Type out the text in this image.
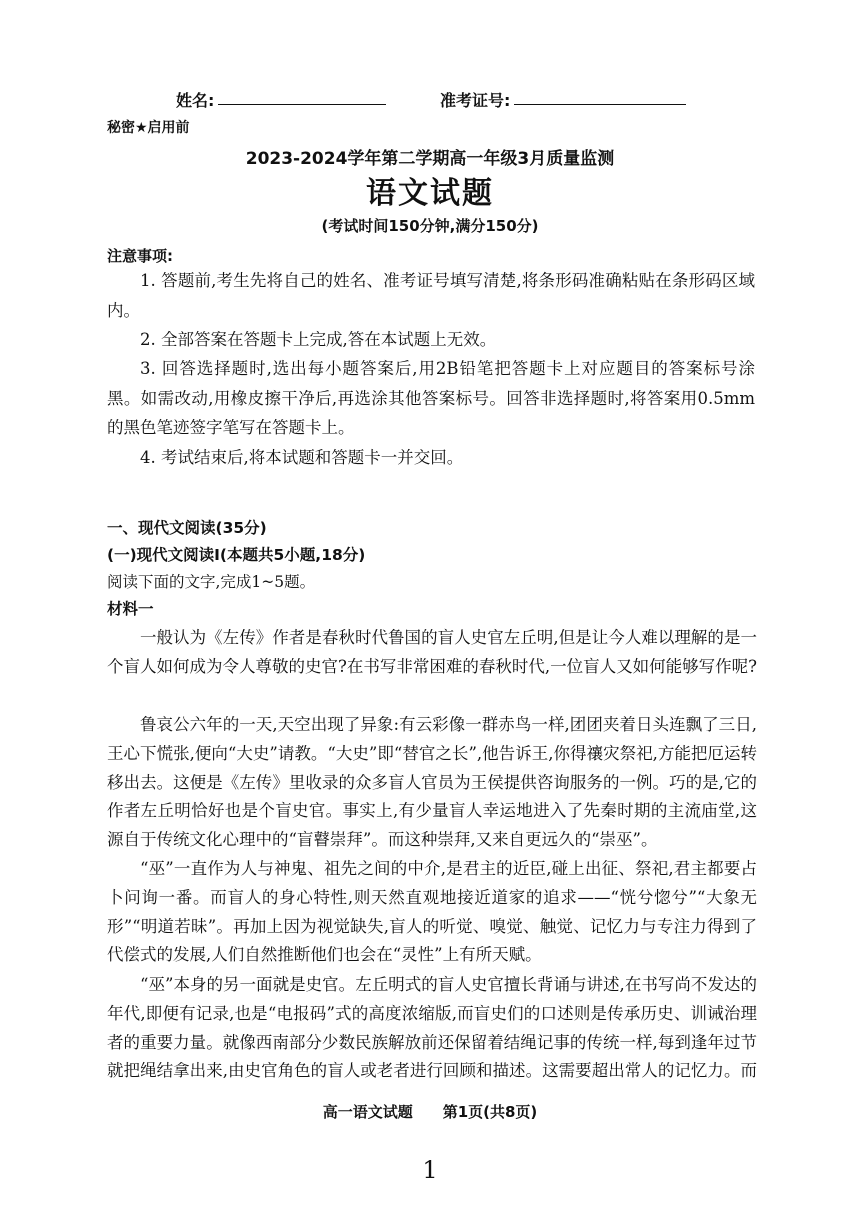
姓名:	准考证号:
秘密★启用前
2023-2024学年第二学期高一年级3月质量监测
语文试题
(考试时间150分钟,满分150分)
注意事项:
1. 答题前,考生先将自己的姓名、准考证号填写清楚,将条形码准确粘贴在条形码区域内。
2. 全部答案在答题卡上完成,答在本试题上无效。
3. 回答选择题时,选出每小题答案后,用2B铅笔把答题卡上对应题目的答案标号涂黑。如需改动,用橡皮擦干净后,再选涂其他答案标号。回答非选择题时,将答案用0.5mm的黑色笔迹签字笔写在答题卡上。
4. 考试结束后,将本试题和答题卡一并交回。
一、现代文阅读(35分)
(一)现代文阅读Ⅰ(本题共5小题,18分)
阅读下面的文字,完成1~5题。
材料一
一般认为《左传》作者是春秋时代鲁国的盲人史官左丘明,但是让今人难以理解的是一个盲人如何成为令人尊敬的史官?在书写非常困难的春秋时代,一位盲人又如何能够写作呢?
鲁哀公六年的一天,天空出现了异象:有云彩像一群赤鸟一样,团团夹着日头连飘了三日,王心下慌张,便向“大史”请教。“大史”即“替官之长”,他告诉王,你得禳灾祭祀,方能把厄运转移出去。这便是《左传》里收录的众多盲人官员为王侯提供咨询服务的一例。巧的是,它的作者左丘明恰好也是个盲史官。事实上,有少量盲人幸运地进入了先秦时期的主流庙堂,这源自于传统文化心理中的“盲瞽崇拜”。而这种崇拜,又来自更远久的“崇巫”。
“巫”一直作为人与神鬼、祖先之间的中介,是君主的近臣,碰上出征、祭祀,君主都要占卜问询一番。而盲人的身心特性,则天然直观地接近道家的追求——“恍兮惚兮”“大象无形”“明道若昧”。再加上因为视觉缺失,盲人的听觉、嗅觉、触觉、记忆力与专注力得到了代偿式的发展,人们自然推断他们也会在“灵性”上有所天赋。
“巫”本身的另一面就是史官。左丘明式的盲人史官擅长背诵与讲述,在书写尚不发达的年代,即便有记录,也是“电报码”式的高度浓缩版,而盲史们的口述则是传承历史、训诫治理者的重要力量。就像西南部分少数民族解放前还保留着结绳记事的传统一样,每到逢年过节就把绳结拿出来,由史官角色的盲人或老者进行回顾和描述。这需要超出常人的记忆力。而
高一语文试题　　第1页(共8页)
1
